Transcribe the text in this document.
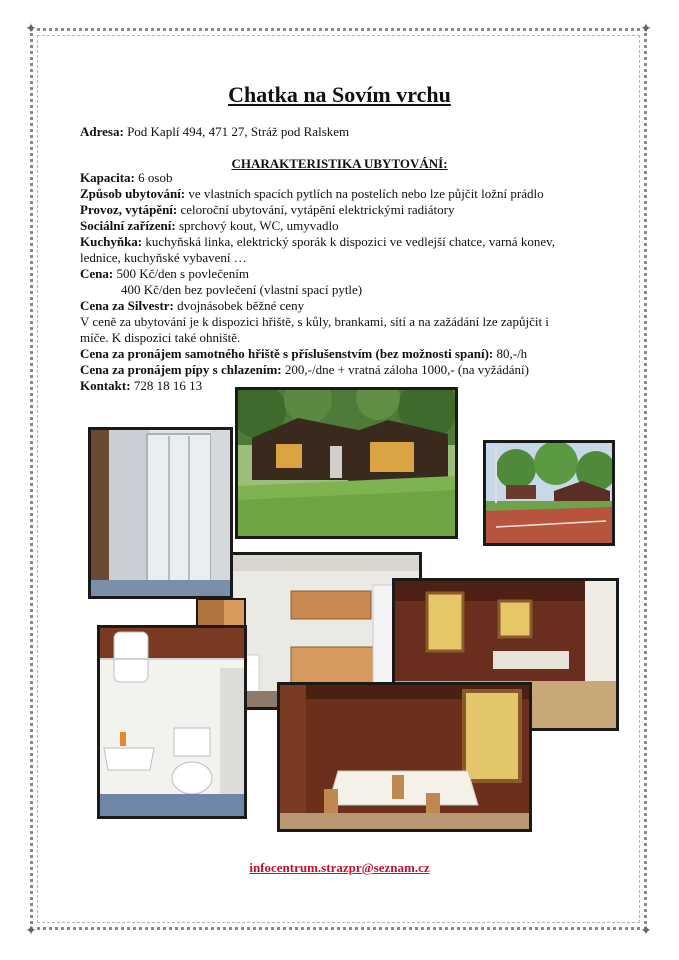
✦	✦
✦	✦
Chatka na Sovím vrchu
Adresa: Pod Kaplí 494, 471 27, Stráž pod Ralskem
CHARAKTERISTIKA UBYTOVÁNÍ:
Kapacita: 6 osob
Způsob ubytování: ve vlastních spacích pytlích na postelích nebo lze půjčit ložní prádlo
Provoz, vytápění: celoroční ubytování, vytápění elektrickými radiátory
Sociální zařízení: sprchový kout, WC, umyvadlo
Kuchyňka: kuchyňská linka, elektrický sporák k dispozici ve vedlejší chatce, varná konev,
lednice, kuchyňské vybavení …
Cena: 500 Kč/den s povlečením
400 Kč/den bez povlečení (vlastní spací pytle)
Cena za Silvestr: dvojnásobek běžné ceny
V ceně za ubytování je k dispozici hřiště, s kůly, brankami, sítí a na zažádání lze zapůjčit i
míče. K dispozici také ohniště.
Cena za pronájem samotného hřiště s příslušenstvím (bez možnosti spaní): 80,-/h
Cena za pronájem pípy s chlazením: 200,-/dne + vratná záloha 1000,- (na vyžádání)
Kontakt: 728 18 16 13
infocentrum.strazpr@seznam.cz
